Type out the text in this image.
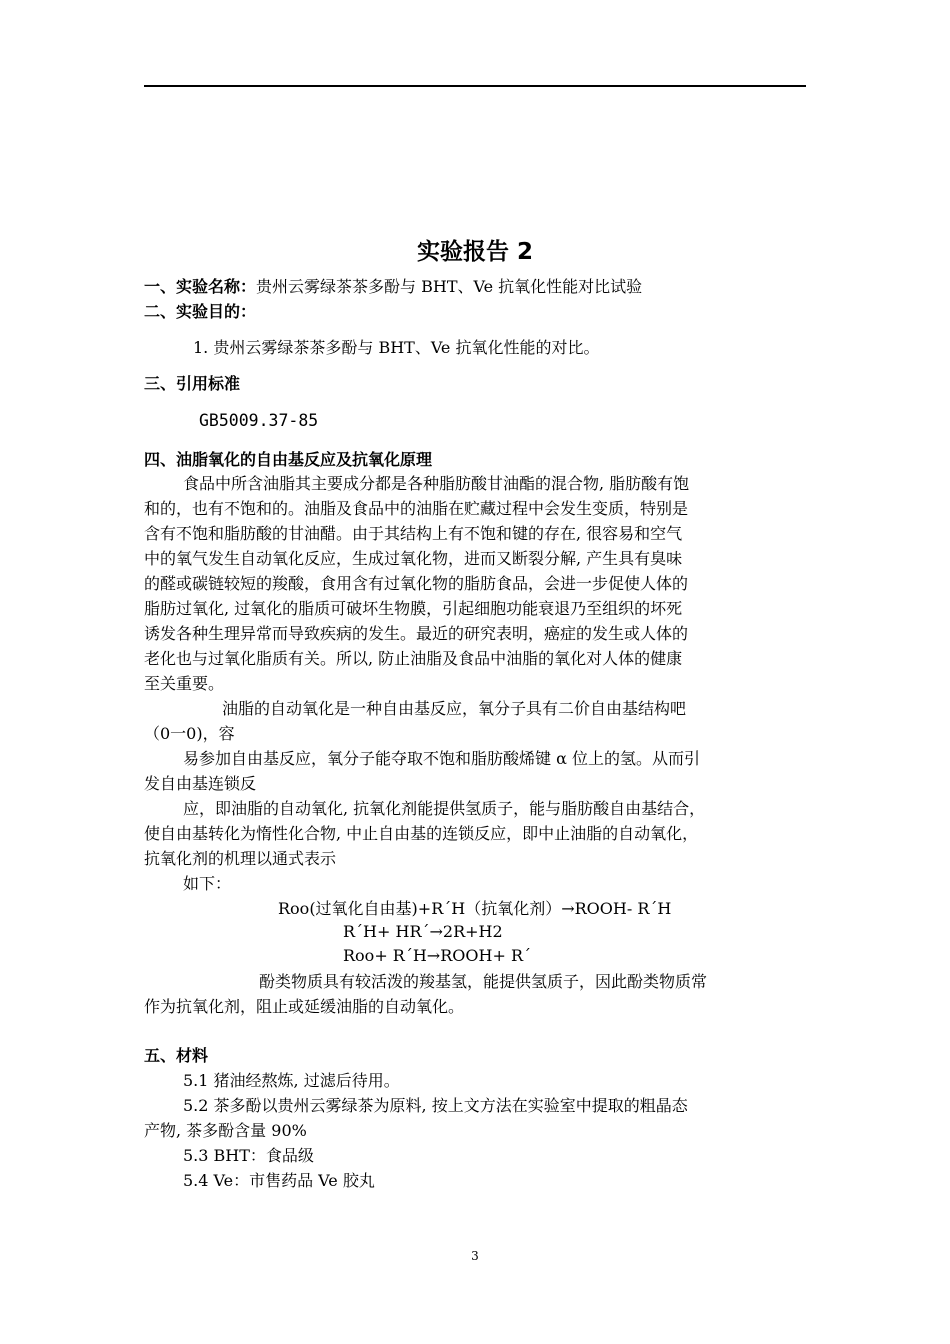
实验报告 2
一、实验名称：贵州云雾绿茶茶多酚与 BHT、Ve 抗氧化性能对比试验
二、实验目的：
1. 贵州云雾绿茶茶多酚与 BHT、Ve 抗氧化性能的对比。
三、引用标准
GB5009.37-85
四、油脂氧化的自由基反应及抗氧化原理
食品中所含油脂其主要成分都是各种脂肪酸甘油酯的混合物, 脂肪酸有饱
和的，也有不饱和的。油脂及食品中的油脂在贮藏过程中会发生变质，特别是
含有不饱和脂肪酸的甘油醋。由于其结构上有不饱和键的存在, 很容易和空气
中的氧气发生自动氧化反应，生成过氧化物，进而又断裂分解, 产生具有臭味
的醛或碳链较短的羧酸，食用含有过氧化物的脂肪食品，会进一步促使人体的
脂肪过氧化, 过氧化的脂质可破坏生物膜，引起细胞功能衰退乃至组织的坏死
诱发各种生理异常而导致疾病的发生。最近的研究表明，癌症的发生或人体的
老化也与过氧化脂质有关。所以, 防止油脂及食品中油脂的氧化对人体的健康
至关重要。
油脂的自动氧化是一种自由基反应，氧分子具有二价自由基结构吧
（0一0)，容
易参加自由基反应，氧分子能夺取不饱和脂肪酸烯键 α 位上的氢。从而引
发自由基连锁反
应，即油脂的自动氧化, 抗氧化剂能提供氢质子，能与脂肪酸自由基结合，
使自由基转化为惰性化合物, 中止自由基的连锁反应，即中止油脂的自动氧化，
抗氧化剂的机理以通式表示
如下：
Roo(过氧化自由基)+R´H（抗氧化剂）→ROOH- R´H
R´H+ HR´→2R+H2
Roo+ R´H→ROOH+ R´
酚类物质具有较活泼的羧基氢，能提供氢质子，因此酚类物质常
作为抗氧化剂，阻止或延缓油脂的自动氧化。
五、材料
5.1 猪油经熬炼, 过滤后待用。
5.2 茶多酚以贵州云雾绿茶为原料, 按上文方法在实验室中提取的粗晶态
产物, 茶多酚含量 90%
5.3 BHT：食品级
5.4 Ve：市售药品 Ve 胶丸
3
